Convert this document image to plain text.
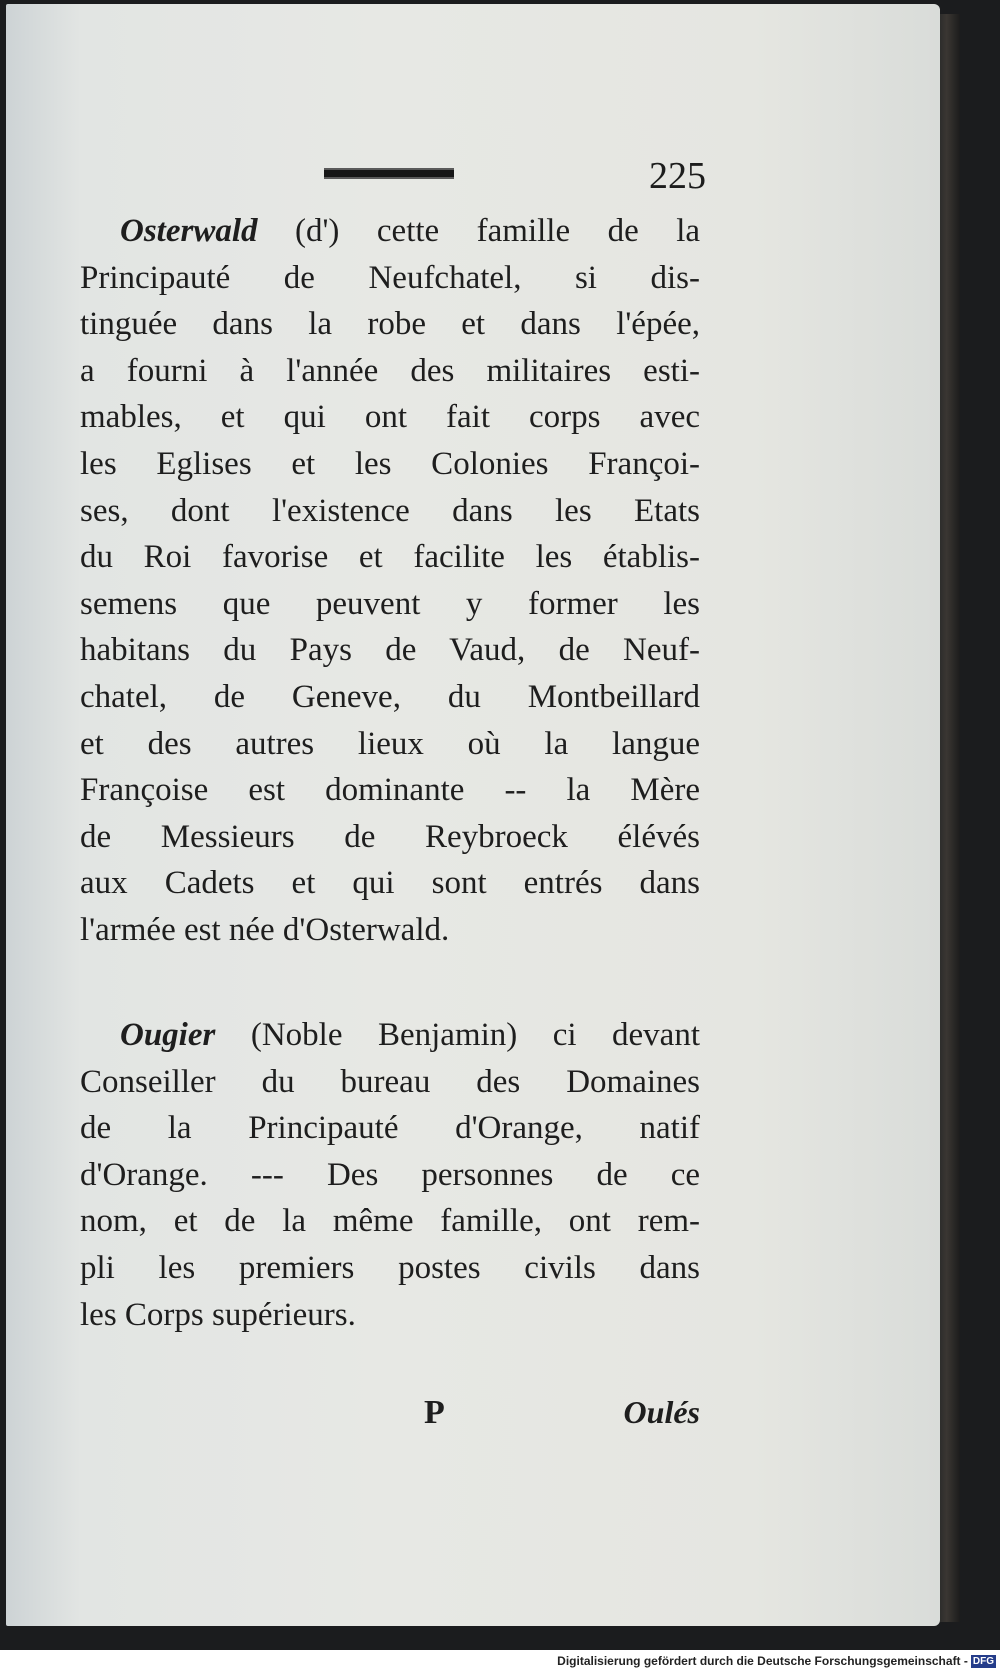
225
Osterwald (d') cette famille de la
Principauté de Neufchatel, si dis-
tinguée dans la robe et dans l'épée,
a fourni à l'année des militaires esti-
mables, et qui ont fait corps avec
les Eglises et les Colonies Françoi-
ses, dont l'existence dans les Etats
du Roi favorise et facilite les établis-
semens que peuvent y former les
habitans du Pays de Vaud, de Neuf-
chatel, de Geneve, du Montbeillard
et des autres lieux où la langue
Françoise est dominante -- la Mère
de Messieurs de Reybroeck élévés
aux Cadets et qui sont entrés dans
l'armée est née d'Osterwald.
Ougier (Noble Benjamin) ci devant
Conseiller du bureau des Domaines
de la Principauté d'Orange, natif
d'Orange. --- Des personnes de ce
nom, et de la même famille, ont rem-
pli les premiers postes civils dans
les Corps supérieurs.
P	Oulés
Digitalisierung gefördert durch die Deutsche Forschungsgemeinschaft - DFG
